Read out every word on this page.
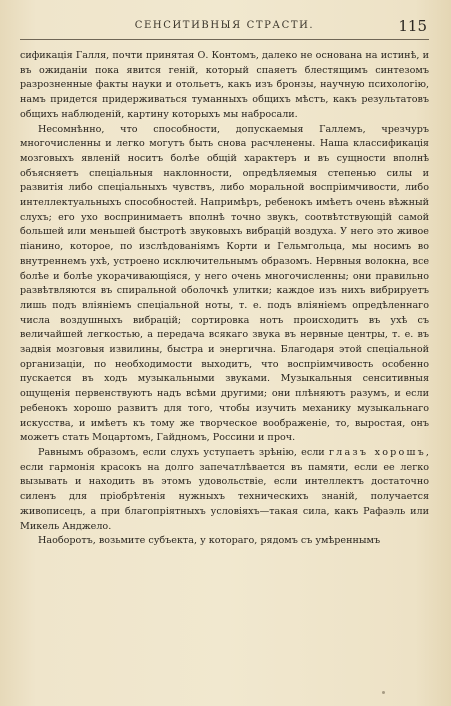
СЕНСИТИВНЫЯ СТРАСТИ.	115

сификація Галля, почти принятая О. Контомъ, далеко не основана на истинѣ, и въ ожиданіи пока явится геній, который спаяетъ блестящимъ синтезомъ разрозненные факты науки и отольетъ, какъ изъ бронзы, научную психологію, намъ придется придерживаться туманныхъ общихъ мѣстъ, какъ результатовъ общихъ наблюденій, картину которыхъ мы набросали.

Несомнѣнно, что способности, допускаемыя Галлемъ, чрезчуръ многочисленны и легко могутъ быть снова расчленены. Наша классификація мозговыхъ явленій носитъ болѣе общій характеръ и въ сущности вполнѣ объясняетъ спеціальныя наклонности, опредѣляемыя степенью силы и развитія либо спеціальныхъ чувствъ, либо моральной воспріимчивости, либо интеллектуальныхъ способностей. Напримѣръ, ребенокъ имѣетъ очень вѣжный слухъ; его ухо воспринимаетъ вполнѣ точно звукъ, соотвѣтствующій самой большей или меньшей быстротѣ звуковыхъ вибрацій воздуха. У него это живое піанино, которое, по изслѣдованіямъ Корти и Гельмгольца, мы носимъ во внутреннемъ ухѣ, устроено исключительнымъ образомъ. Нервныя волокна, все болѣе и болѣе укорачивающіяся, у него очень многочисленны; они правильно развѣтвляются въ спиральной оболочкѣ улитки; каждое изъ нихъ вибрируетъ лишь подъ вліяніемъ спеціальной ноты, т. е. подъ вліяніемъ опредѣленнаго числа воздушныхъ вибрацій; сортировка нотъ происходитъ въ ухѣ съ величайшей легкостью, а передача всякаго звука въ нервные центры, т. е. въ задвія мозговыя извилины, быстра и энергична. Благодаря этой спеціальной организаціи, по необходимости выходитъ, что воспріимчивость особенно пускается въ ходъ музыкальными звуками. Музыкальныя сенситивныя ощущенія первенствуютъ надъ всѣми другими; они плѣняютъ разумъ, и если ребенокъ хорошо развитъ для того, чтобы изучить механику музыкальнаго искусства, и имѣетъ къ тому же творческое воображеніе, то, выростая, онъ можетъ стать Моцартомъ, Гайдномъ, Россини и проч.

Равнымъ образомъ, если слухъ уступаетъ зрѣнію, если глазъ хорошъ, если гармонія красокъ на долго запечатлѣвается въ памяти, если ее легко вызывать и находить въ этомъ удовольствіе, если интеллектъ достаточно силенъ для пріобрѣтенія нужныхъ техническихъ знаній, получается живописецъ, а при благопріятныхъ условіяхъ—такая сила, какъ Рафаэль или Микель Анджело.

Наоборотъ, возьмите субъекта, у котораго, рядомъ съ умѣреннымъ
